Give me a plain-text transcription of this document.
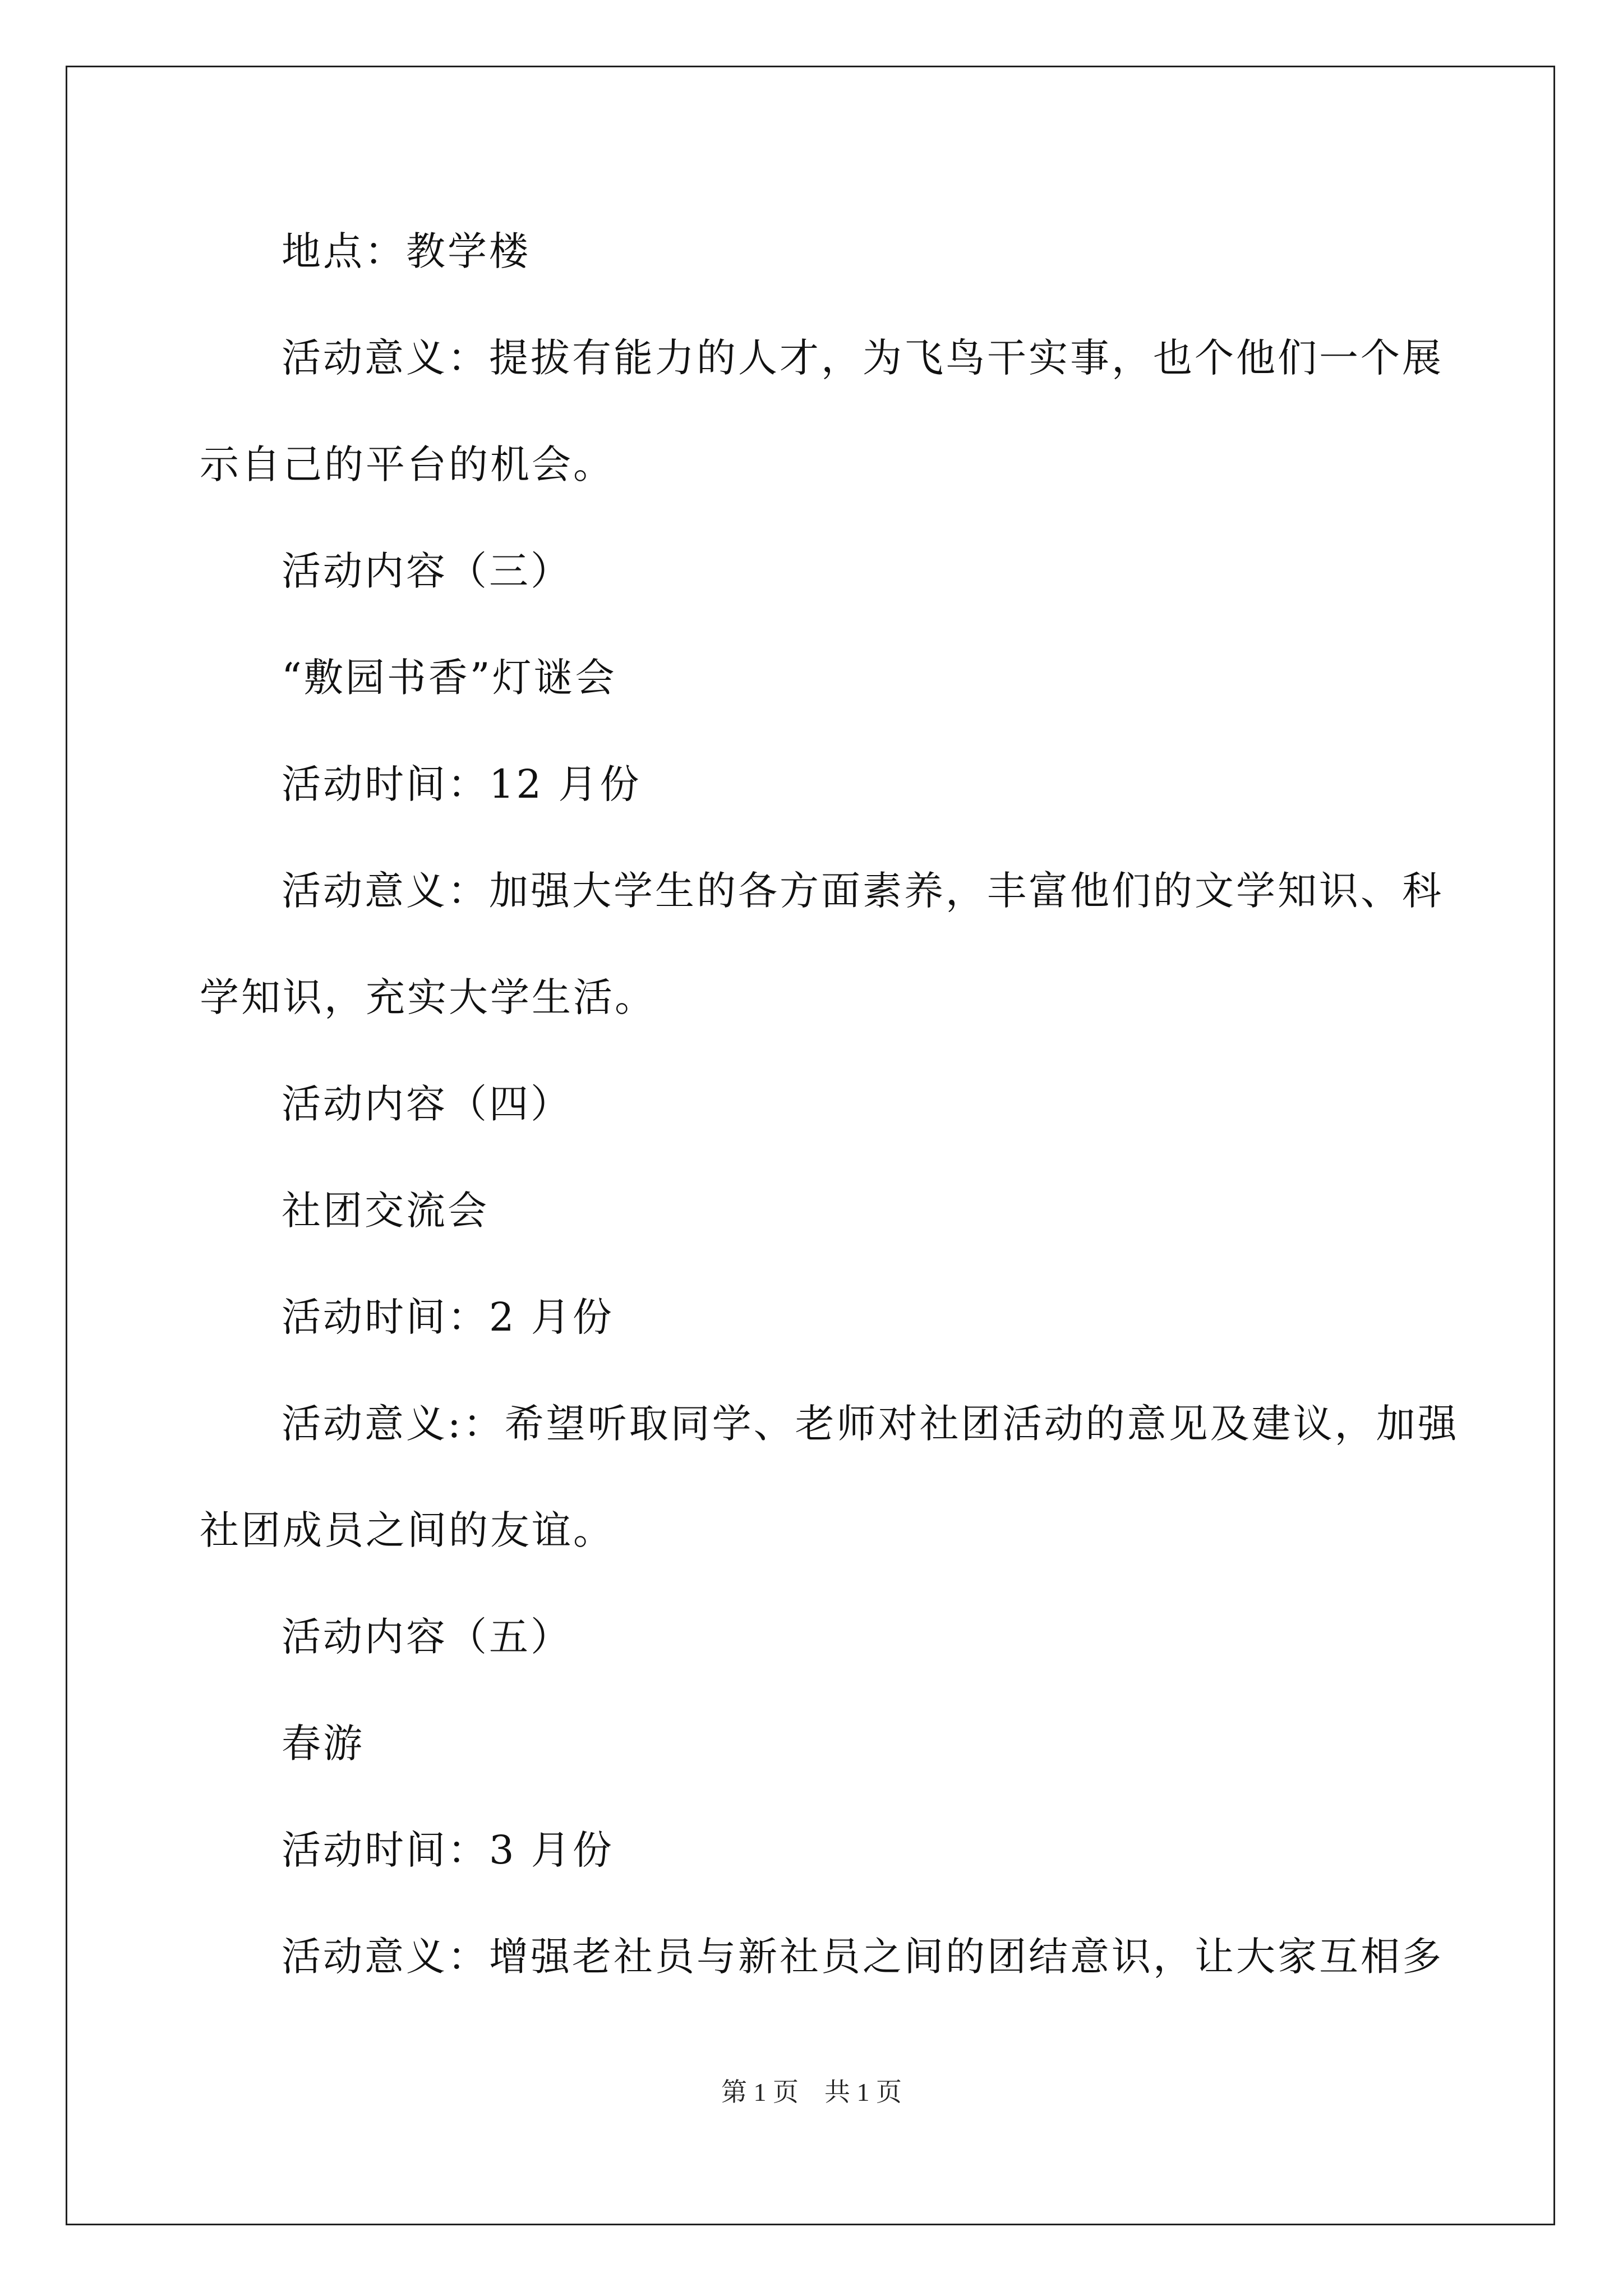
地点：教学楼
活动意义：提拔有能力的人才，为飞鸟干实事，也个他们一个展
示自己的平台的机会。
活动内容（三）
“敷园书香”灯谜会
活动时间：12 月份
活动意义：加强大学生的各方面素养，丰富他们的文学知识、科
学知识，充实大学生活。
活动内容（四）
社团交流会
活动时间：2 月份
活动意义:：希望听取同学、老师对社团活动的意见及建议，加强
社团成员之间的友谊。
活动内容（五）
春游
活动时间：3 月份
活动意义：增强老社员与新社员之间的团结意识，让大家互相多
第 1 页　共 1 页
